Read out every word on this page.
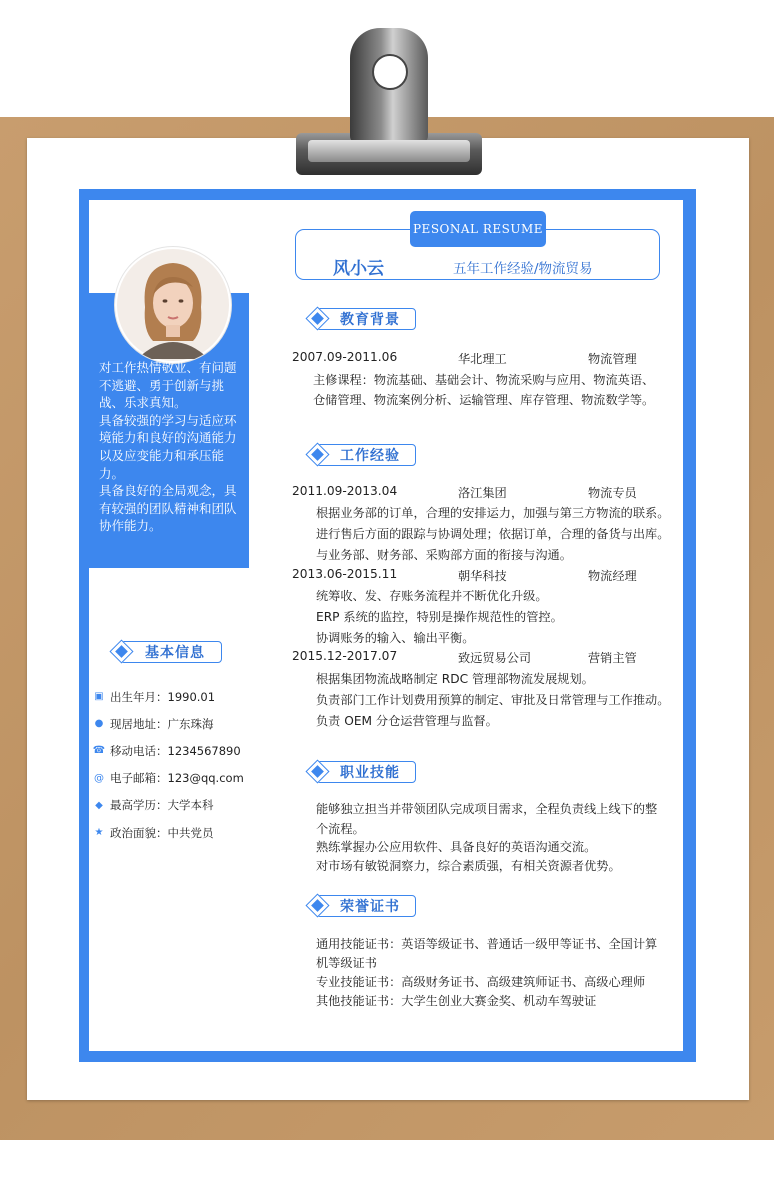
对工作热情敬业、有问题不逃避、勇于创新与挑战、乐求真知。

具备较强的学习与适应环境能力和良好的沟通能力以及应变能力和承压能力。

具备良好的全局观念，具有较强的团队精神和团队协作能力。

基本信息
▣ 出生年月：1990.01
● 现居地址：广东珠海
☎ 移动电话：1234567890
@ 电子邮箱：123@qq.com
◆ 最高学历：大学本科
★ 政治面貌：中共党员
PESONAL RESUME
风小云	五年工作经验/物流贸易
教育背景
2007.09-2011.06	华北理工	物流管理
主修课程：物流基础、基础会计、物流采购与应用、物流英语、
仓储管理、物流案例分析、运输管理、库存管理、物流数学等。
工作经验
2011.09-2013.04	洛江集团	物流专员
根据业务部的订单，合理的安排运力，加强与第三方物流的联系。
进行售后方面的跟踪与协调处理；依据订单，合理的备货与出库。
与业务部、财务部、采购部方面的衔接与沟通。
2013.06-2015.11	朝华科技	物流经理
统筹收、发、存账务流程并不断优化升级。
ERP 系统的监控，特别是操作规范性的管控。
协调账务的输入、输出平衡。
2015.12-2017.07	致远贸易公司	营销主管
根据集团物流战略制定 RDC 管理部物流发展规划。
负责部门工作计划费用预算的制定、审批及日常管理与工作推动。
负责 OEM 分仓运营管理与监督。
职业技能
能够独立担当并带领团队完成项目需求，全程负责线上线下的整
个流程。
熟练掌握办公应用软件、具备良好的英语沟通交流。
对市场有敏锐洞察力，综合素质强，有相关资源者优势。
荣誉证书
通用技能证书：英语等级证书、普通话一级甲等证书、全国计算
机等级证书
专业技能证书：高级财务证书、高级建筑师证书、高级心理师
其他技能证书：大学生创业大赛金奖、机动车驾驶证
